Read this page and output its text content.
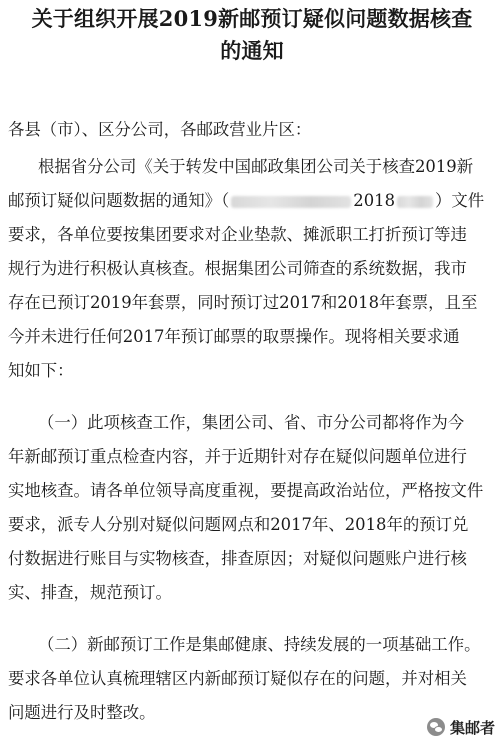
关于组织开展2019新邮预订疑似问题数据核查
的通知

各县（市）、区分公司，各邮政营业片区：

根据省分公司《关于转发中国邮政集团公司关于核查2019新

邮预订疑似问题数据的通知》（	2018 ）文件

要求，各单位要按集团要求对企业垫款、摊派职工打折预订等违

规行为进行积极认真核查。根据集团公司筛查的系统数据，我市

存在已预订2019年套票，同时预订过2017和2018年套票，且至

今并未进行任何2017年预订邮票的取票操作。现将相关要求通

知如下：

（一）此项核查工作，集团公司、省、市分公司都将作为今

年新邮预订重点检查内容，并于近期针对存在疑似问题单位进行

实地核查。请各单位领导高度重视，要提高政治站位，严格按文件

要求，派专人分别对疑似问题网点和2017年、2018年的预订兑

付数据进行账目与实物核查，排查原因；对疑似问题账户进行核

实、排查，规范预订。

（二）新邮预订工作是集邮健康、持续发展的一项基础工作。

要求各单位认真梳理辖区内新邮预订疑似存在的问题，并对相关

问题进行及时整改。

集邮者
